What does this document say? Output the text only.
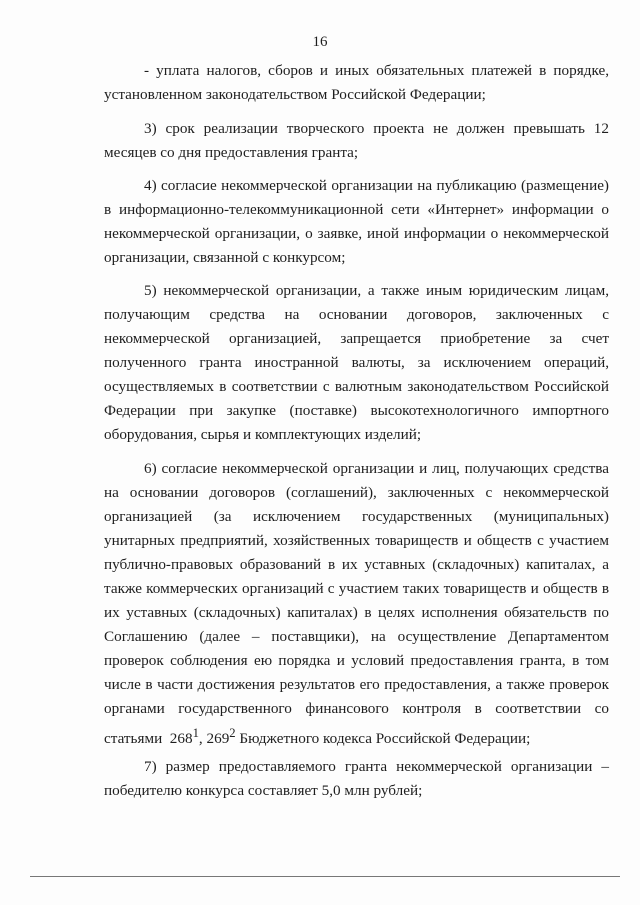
16
- уплата налогов, сборов и иных обязательных платежей в порядке,
установленном законодательством Российской Федерации;
3) срок реализации творческого проекта не должен превышать 12
месяцев со дня предоставления гранта;
4) согласие некоммерческой организации на публикацию (размещение)
в информационно-телекоммуникационной сети «Интернет» информации о
некоммерческой организации, о заявке, иной информации о некоммерческой
организации, связанной с конкурсом;
5) некоммерческой организации, а также иным юридическим лицам,
получающим средства на основании договоров, заключенных с
некоммерческой организацией, запрещается приобретение за счет
полученного гранта иностранной валюты, за исключением операций,
осуществляемых в соответствии с валютным законодательством Российской
Федерации при закупке (поставке) высокотехнологичного импортного
оборудования, сырья и комплектующих изделий;
6) согласие некоммерческой организации и лиц, получающих средства
на основании договоров (соглашений), заключенных с некоммерческой
организацией (за исключением государственных (муниципальных)
унитарных предприятий, хозяйственных товариществ и обществ с участием
публично-правовых образований в их уставных (складочных) капиталах, а
также коммерческих организаций с участием таких товариществ и обществ в
их уставных (складочных) капиталах) в целях исполнения обязательств по
Соглашению (далее – поставщики), на осуществление Департаментом
проверок соблюдения ею порядка и условий предоставления гранта, в том
числе в части достижения результатов его предоставления, а также проверок
органами государственного финансового контроля в соответствии со
статьями $268^1$, $269^2$ Бюджетного кодекса Российской Федерации;
7) размер предоставляемого гранта некоммерческой организации –
победителю конкурса составляет 5,0 млн рублей;
